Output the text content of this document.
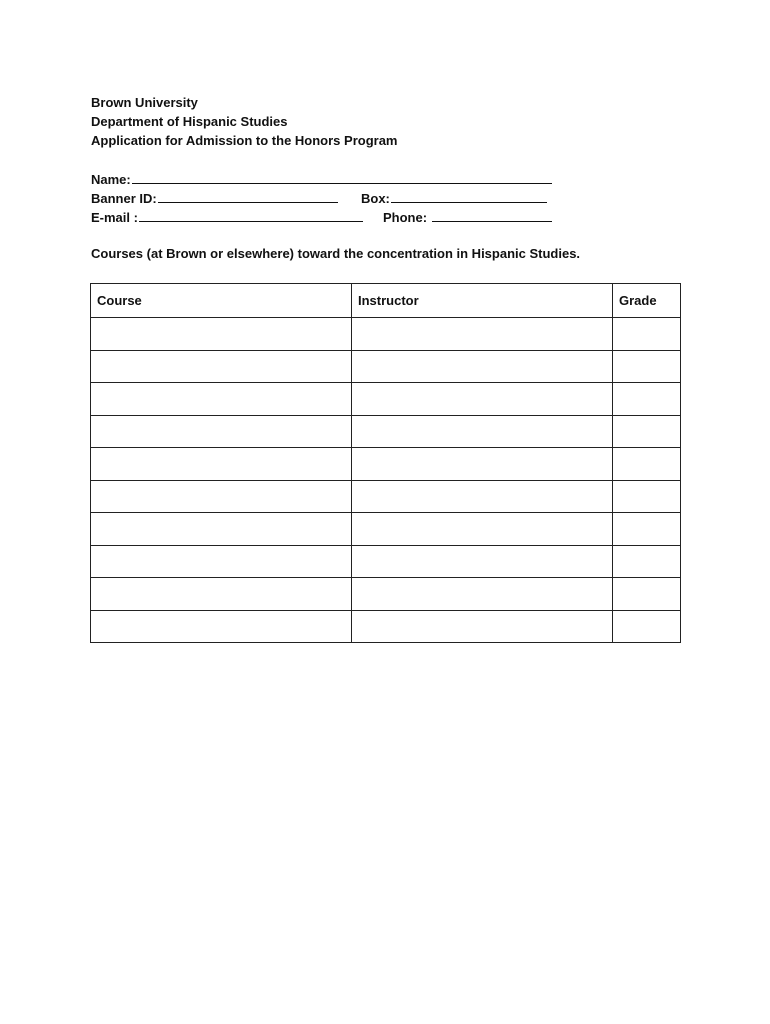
Brown University
Department of Hispanic Studies
Application for Admission to the Honors Program
Name:
Banner ID:	Box:
E-mail :	Phone:
Courses (at Brown or elsewhere) toward the concentration in Hispanic Studies.
Course	Instructor	Grade
